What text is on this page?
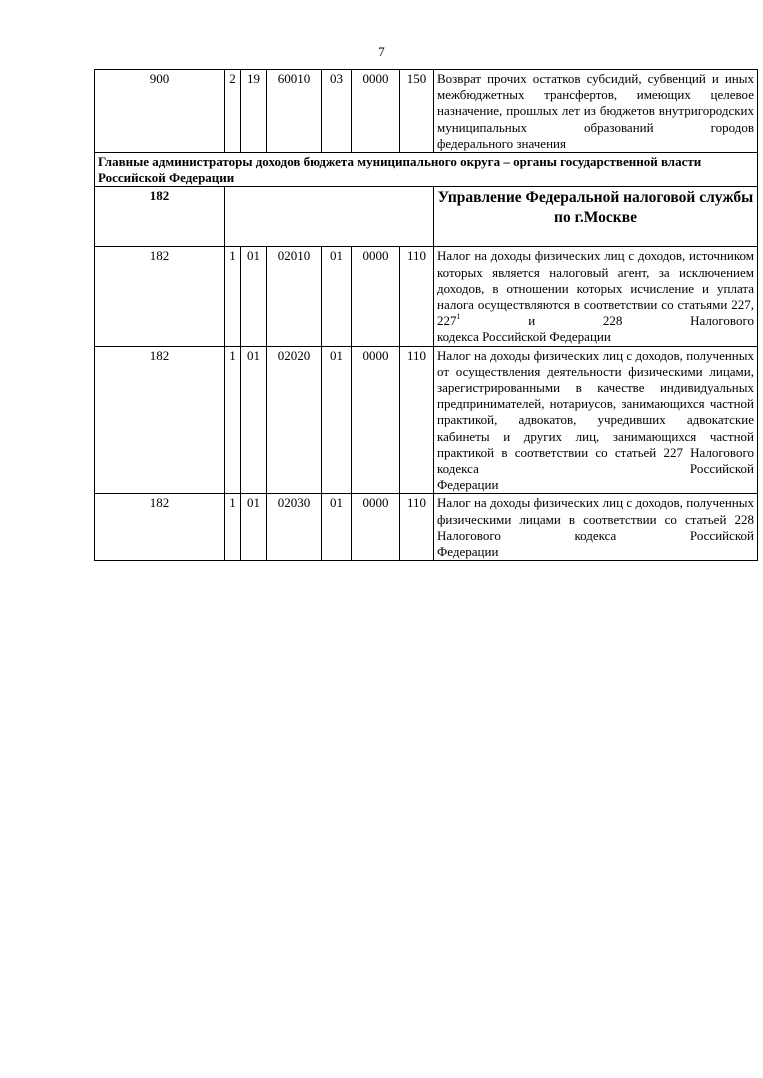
7
900	2	19	60010	03	0000	150	Возврат прочих остатков субсидий, субвенций и иных межбюджетных трансфертов, имеющих целевое назначение, прошлых лет из бюджетов внутригородских муниципальных образований городов
федерального значения

Главные администраторы доходов бюджета муниципального округа – органы государственной власти Российской Федерации							
182							Управление Федеральной налоговой службы по г.Москве
182	1	01	02010	01	0000	110	Налог на доходы физических лиц с доходов, источником которых является налоговый агент, за исключением доходов, в отношении которых исчисление и уплата налога осуществляются в соответствии со статьями 227, $227^1$ и 228 Налогового
кодекса Российской Федерации

182	1	01	02020	01	0000	110	Налог на доходы физических лиц с доходов, полученных от осуществления деятельности физическими лицами, зарегистрированными в качестве индивидуальных предпринимателей, нотариусов, занимающихся частной практикой, адвокатов, учредивших адвокатские кабинеты и других лиц, занимающихся частной практикой в соответствии со статьей 227 Налогового кодекса Российской
Федерации

182	1	01	02030	01	0000	110	Налог на доходы физических лиц с доходов, полученных физическими лицами в соответствии со статьей 228 Налогового кодекса Российской
Федерации
